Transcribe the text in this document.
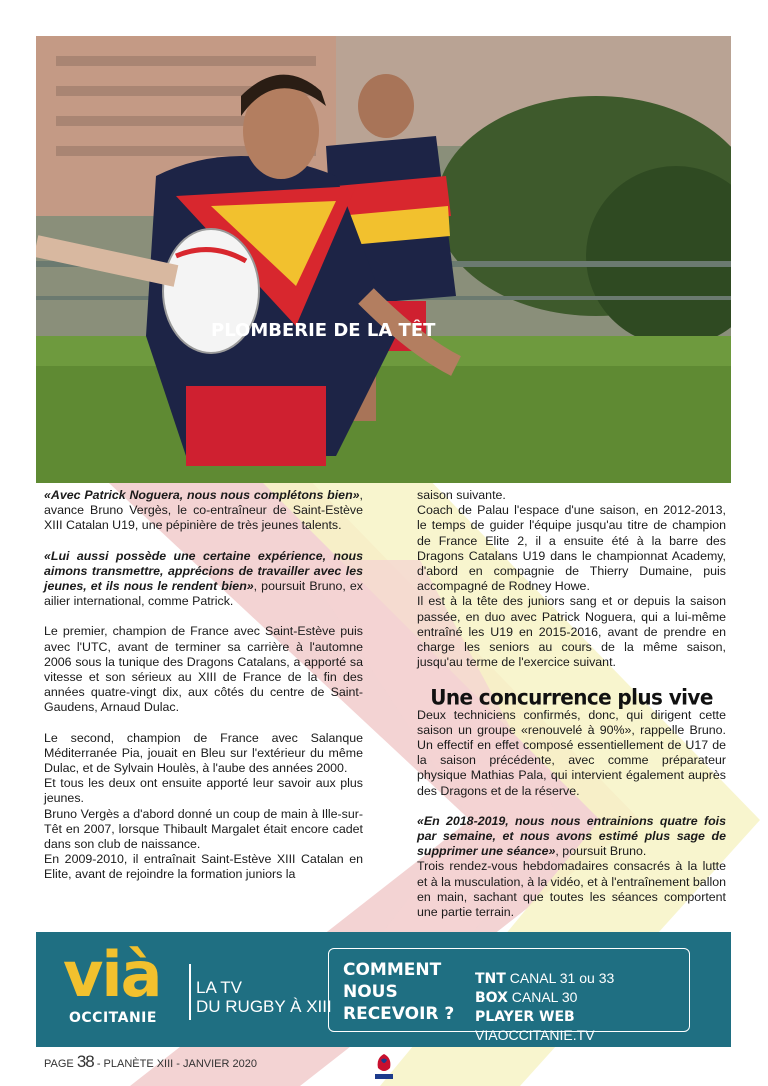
PLOMBERIE DE LA TÊT

«Avec Patrick Noguera, nous nous complétons bien», avance Bruno Vergès, le co-entraîneur de Saint-Estève XIII Catalan U19, une pépinière de très jeunes talents.

«Lui aussi possède une certaine expérience, nous aimons transmettre, apprécions de travailler avec les jeunes, et ils nous le rendent bien», poursuit Bruno, ex ailier international, comme Patrick.

Le premier, champion de France avec Saint-Estève puis avec l'UTC, avant de terminer sa carrière à l'automne 2006 sous la tunique des Dragons Catalans, a apporté sa vitesse et son sérieux au XIII de France de la fin des années quatre-vingt dix, aux côtés du centre de Saint-Gaudens, Arnaud Dulac.

Le second, champion de France avec Salanque Méditerranée Pia, jouait en Bleu sur l'extérieur du même Dulac, et de Sylvain Houlès, à l'aube des années 2000.

Et tous les deux ont ensuite apporté leur savoir aux plus jeunes.

Bruno Vergès a d'abord donné un coup de main à Ille-sur-Têt en 2007, lorsque Thibault Margalet était encore cadet dans son club de naissance.

En 2009-2010, il entraînait Saint-Estève XIII Catalan en Elite, avant de rejoindre la formation juniors la

saison suivante.

Coach de Palau l'espace d'une saison, en 2012-2013, le temps de guider l'équipe jusqu'au titre de champion de France Elite 2, il a ensuite été à la barre des Dragons Catalans U19 dans le championnat Academy, d'abord en compagnie de Thierry Dumaine, puis accompagné de Rodney Howe.

Il est à la tête des juniors sang et or depuis la saison passée, en duo avec Patrick Noguera, qui a lui-même entraîné les U19 en 2015-2016, avant de prendre en charge les seniors au cours de la même saison, jusqu'au terme de l'exercice suivant.

Une concurrence plus vive

Deux techniciens confirmés, donc, qui dirigent cette saison un groupe «renouvelé à 90%», rappelle Bruno. Un effectif en effet composé essentiellement de U17 de la saison précédente, avec comme préparateur physique Mathias Pala, qui intervient également auprès des Dragons et de la réserve.

«En 2018-2019, nous nous entrainions quatre fois par semaine, et nous avons estimé plus sage de supprimer une séance», poursuit Bruno.

Trois rendez-vous hebdomadaires consacrés à la lutte et à la musculation, à la vidéo, et à l'entraînement ballon en main, sachant que toutes les séances comportent une partie terrain.

vià
OCCITANIE
LA TV
DU RUGBY À XIII
COMMENT
NOUS
RECEVOIR ?
TNT CANAL 31 ou 33
BOX CANAL 30
PLAYER WEB VIAOCCITANIE.TV
PAGE 38 - PLANÈTE XIII - JANVIER 2020
